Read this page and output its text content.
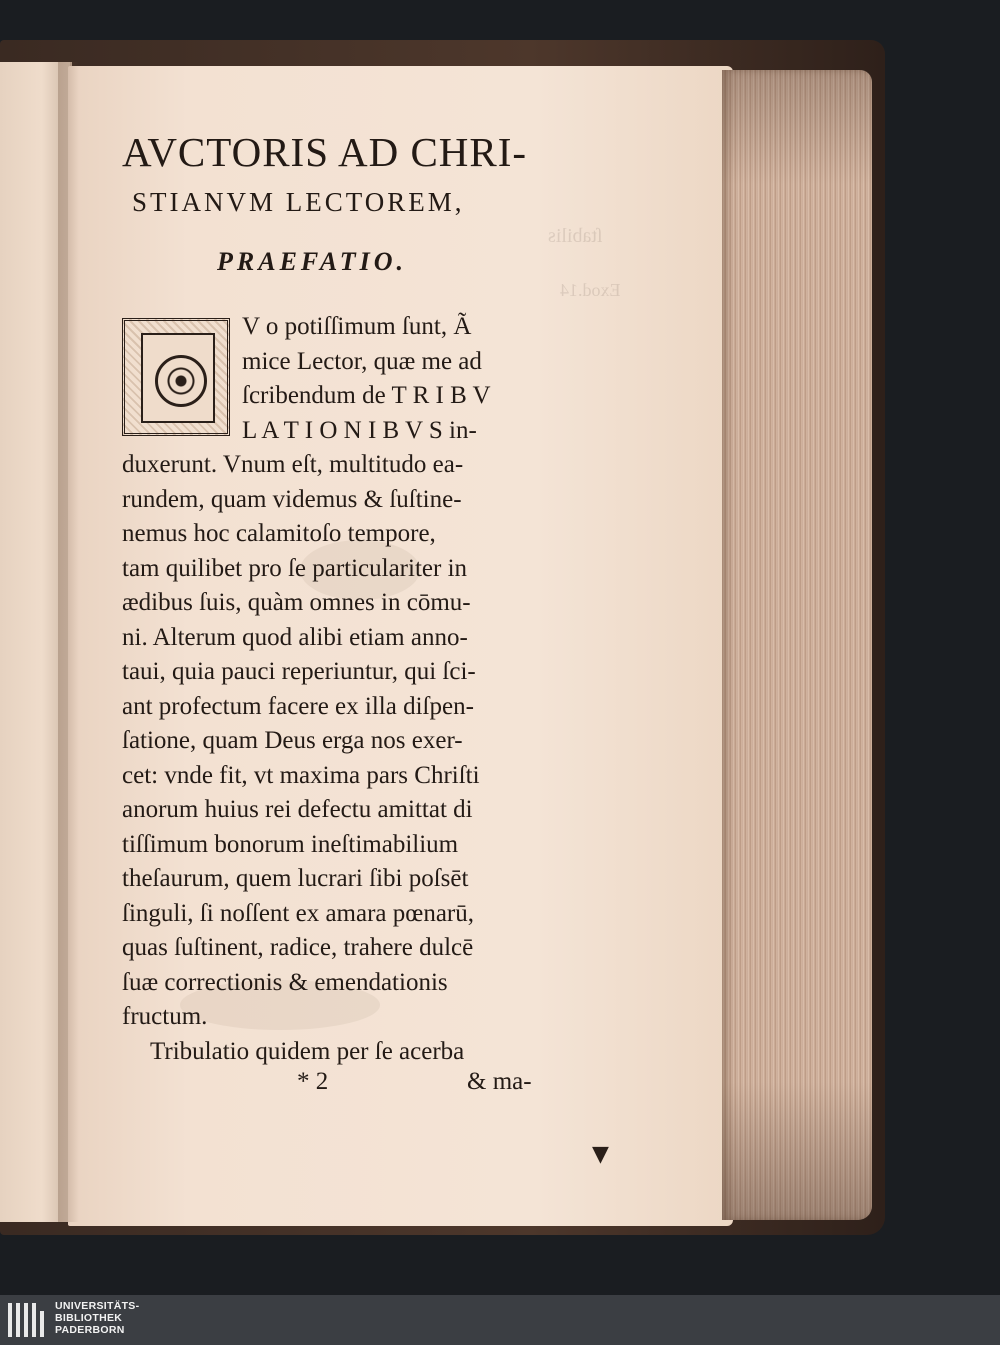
ſtabilis
Exod.14
AVCTORIS AD CHRI-
STIANVM LECTOREM,
PRAEFATIO.
V o potiſſimum ſunt, Ã
mice Lector, quæ me ad
ſcribendum de T R I B V
L A T I O N I B V S in-
duxerunt. Vnum eſt, multitudo ea-
rundem, quam videmus & ſuſtine-
nemus hoc calamitoſo tempore,
tam quilibet pro ſe particulariter in
ædibus ſuis, quàm omnes in cōmu-
ni. Alterum quod alibi etiam anno-
taui, quia pauci reperiuntur, qui ſci-
ant profectum facere ex illa diſpen-
ſatione, quam Deus erga nos exer-
cet: vnde fit, vt maxima pars Chriſti
anorum huius rei defectu amittat di
tiſſimum bonorum ineſtimabilium
theſaurum, quem lucrari ſibi poſsēt
ſinguli, ſi noſſent ex amara pœnarū,
quas ſuſtinent, radice, trahere dulcē
ſuæ correctionis & emendationis
fructum.
Tribulatio quidem per ſe acerba
* 2	& ma-
▼
UNIVERSITÄTS-
BIBLIOTHEK
PADERBORN
